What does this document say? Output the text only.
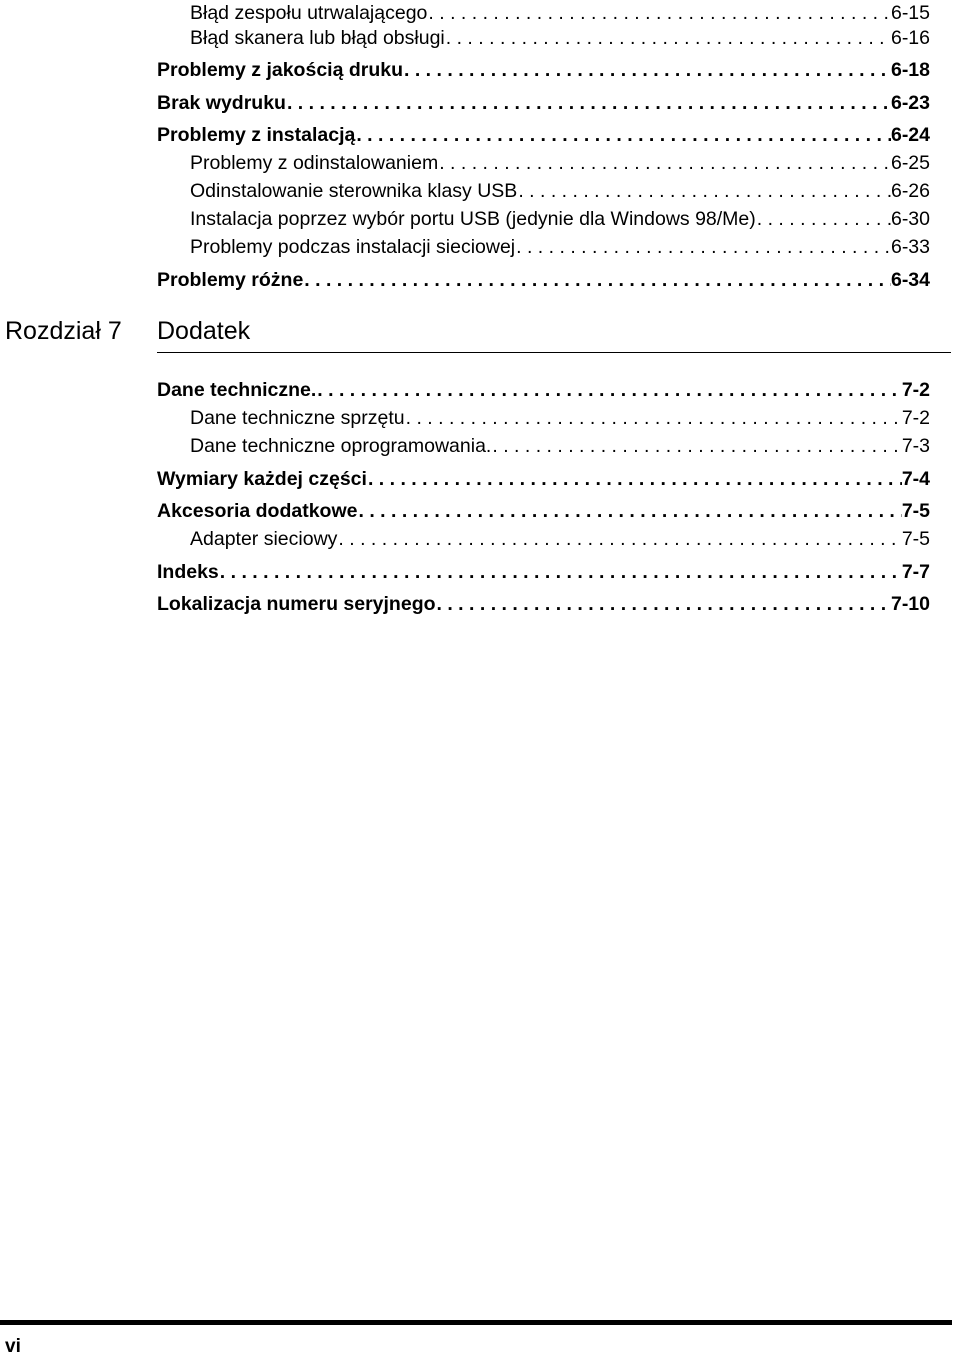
Błąd zespołu utrwalającego . . .	6-15
Błąd skanera lub błąd obsługi . . .	6-16
Problemy z jakością druku . . .	6-18
Brak wydruku . . .	6-23
Problemy z instalacją . . .	6-24
Problemy z odinstalowaniem . . .	6-25
Odinstalowanie sterownika klasy USB . . .	6-26
Instalacja poprzez wybór portu USB (jedynie dla Windows 98/Me) . . .	6-30
Problemy podczas instalacji sieciowej . . .	6-33
Problemy różne . . .	6-34
Rozdział 7 Dodatek
Dane techniczne. . . .	7-2
Dane techniczne sprzętu . . .	7-2
Dane techniczne oprogramowania. . . .	7-3
Wymiary każdej części . . .	7-4
Akcesoria dodatkowe . . .	7-5
Adapter sieciowy . . .	7-5
Indeks . . .	7-7
Lokalizacja numeru seryjnego . . .	7-10
vi
